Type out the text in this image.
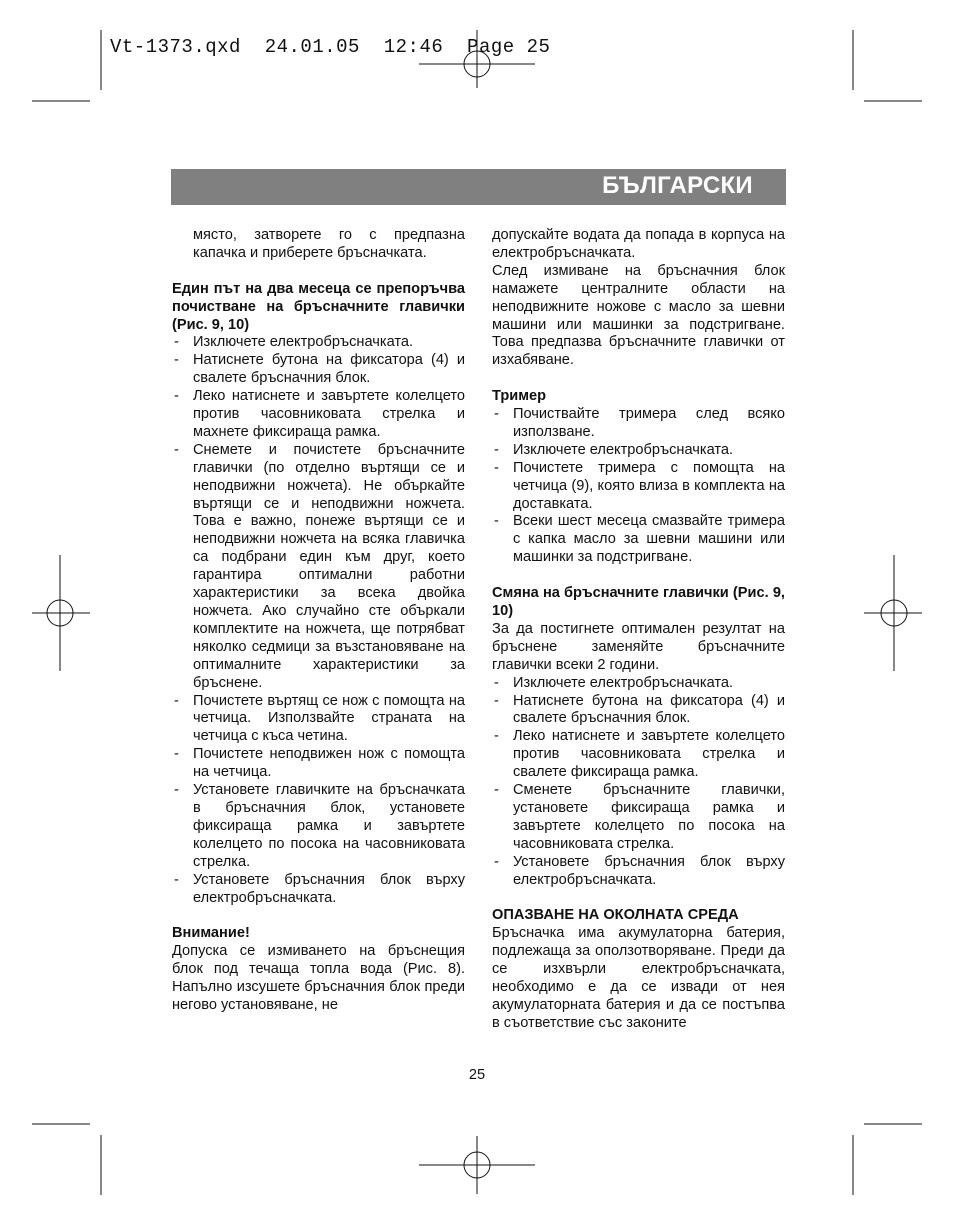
Vt-1373.qxd  24.01.05  12:46  Page 25
БЪЛГАРСКИ

място, затворете го с предпазна капачка и приберете бръсначката.

Един път на два месеца се препоръчва почистване на бръсначните главички (Рис. 9, 10)

- Изключете електробръсначката.

- Натиснете бутона на фиксатора (4) и свалете бръсначния блок.

- Леко натиснете и завъртете колелцето против часовниковата стрелка и махнете фиксираща рамка.

- Снемете и почистете бръсначните главички (по отделно въртящи се и неподвижни ножчета). Не объркайте въртящи се и неподвижни ножчета. Това е важно, понеже въртящи се и неподвижни ножчета на всяка главичка са подбрани един към друг, което гарантира оптимални работни характеристики за всека двойка ножчета. Ако случайно сте объркали комплектите на ножчета, ще потрябват няколко седмици за възстановяване на оптималните характеристики за бръснене.

- Почистете въртящ се нож с помощта на четчица. Използвайте страната на четчица с къса четина.

- Почистете неподвижен нож с помощта на четчица.

- Установете главичките на бръсначката в бръсначния блок, установете фиксираща рамка и завъртете колелцето по посока на часовниковата стрелка.

- Установете бръсначния блок върху електробръсначката.

Внимание!

Допуска се измиването на бръснещия блок под течаща топла вода (Рис. 8). Напълно изсушете бръсначния блок преди негово установяване, не

допускайте водата да попада в корпуса на електробръсначката.

След измиване на бръсначния блок намажете централните области на неподвижните ножове с масло за шевни машини или машинки за подстригване. Това предпазва бръсначните главички от изхабяване.

Тример

- Почиствайте тримера след всяко използване.

- Изключете електробръсначката.

- Почистете тримера с помощта на четчица (9), която влиза в комплекта на доставката.

- Всеки шест месеца смазвайте тримера с капка масло за шевни машини или машинки за подстригване.

Смяна на бръсначните главички (Рис. 9, 10)

За да постигнете оптимален резултат на бръснене заменяйте бръсначните главички всеки 2 години.

- Изключете електробръсначката.

- Натиснете бутона на фиксатора (4) и свалете бръсначния блок.

- Леко натиснете и завъртете колелцето против часовниковата стрелка и свалете фиксираща рамка.

- Сменете бръсначните главички, установете фиксираща рамка и завъртете колелцето по посока на часовниковата стрелка.

- Установете бръсначния блок върху електробръсначката.

ОПАЗВАНЕ НА ОКОЛНАТА СРЕДА

Бръсначка има акумулаторна батерия, подлежаща за оползотворяване. Преди да се изхвърли електробръсначката, необходимо е да се извади от нея акумулаторната батерия и да се постъпва в съответствие със законите

25
